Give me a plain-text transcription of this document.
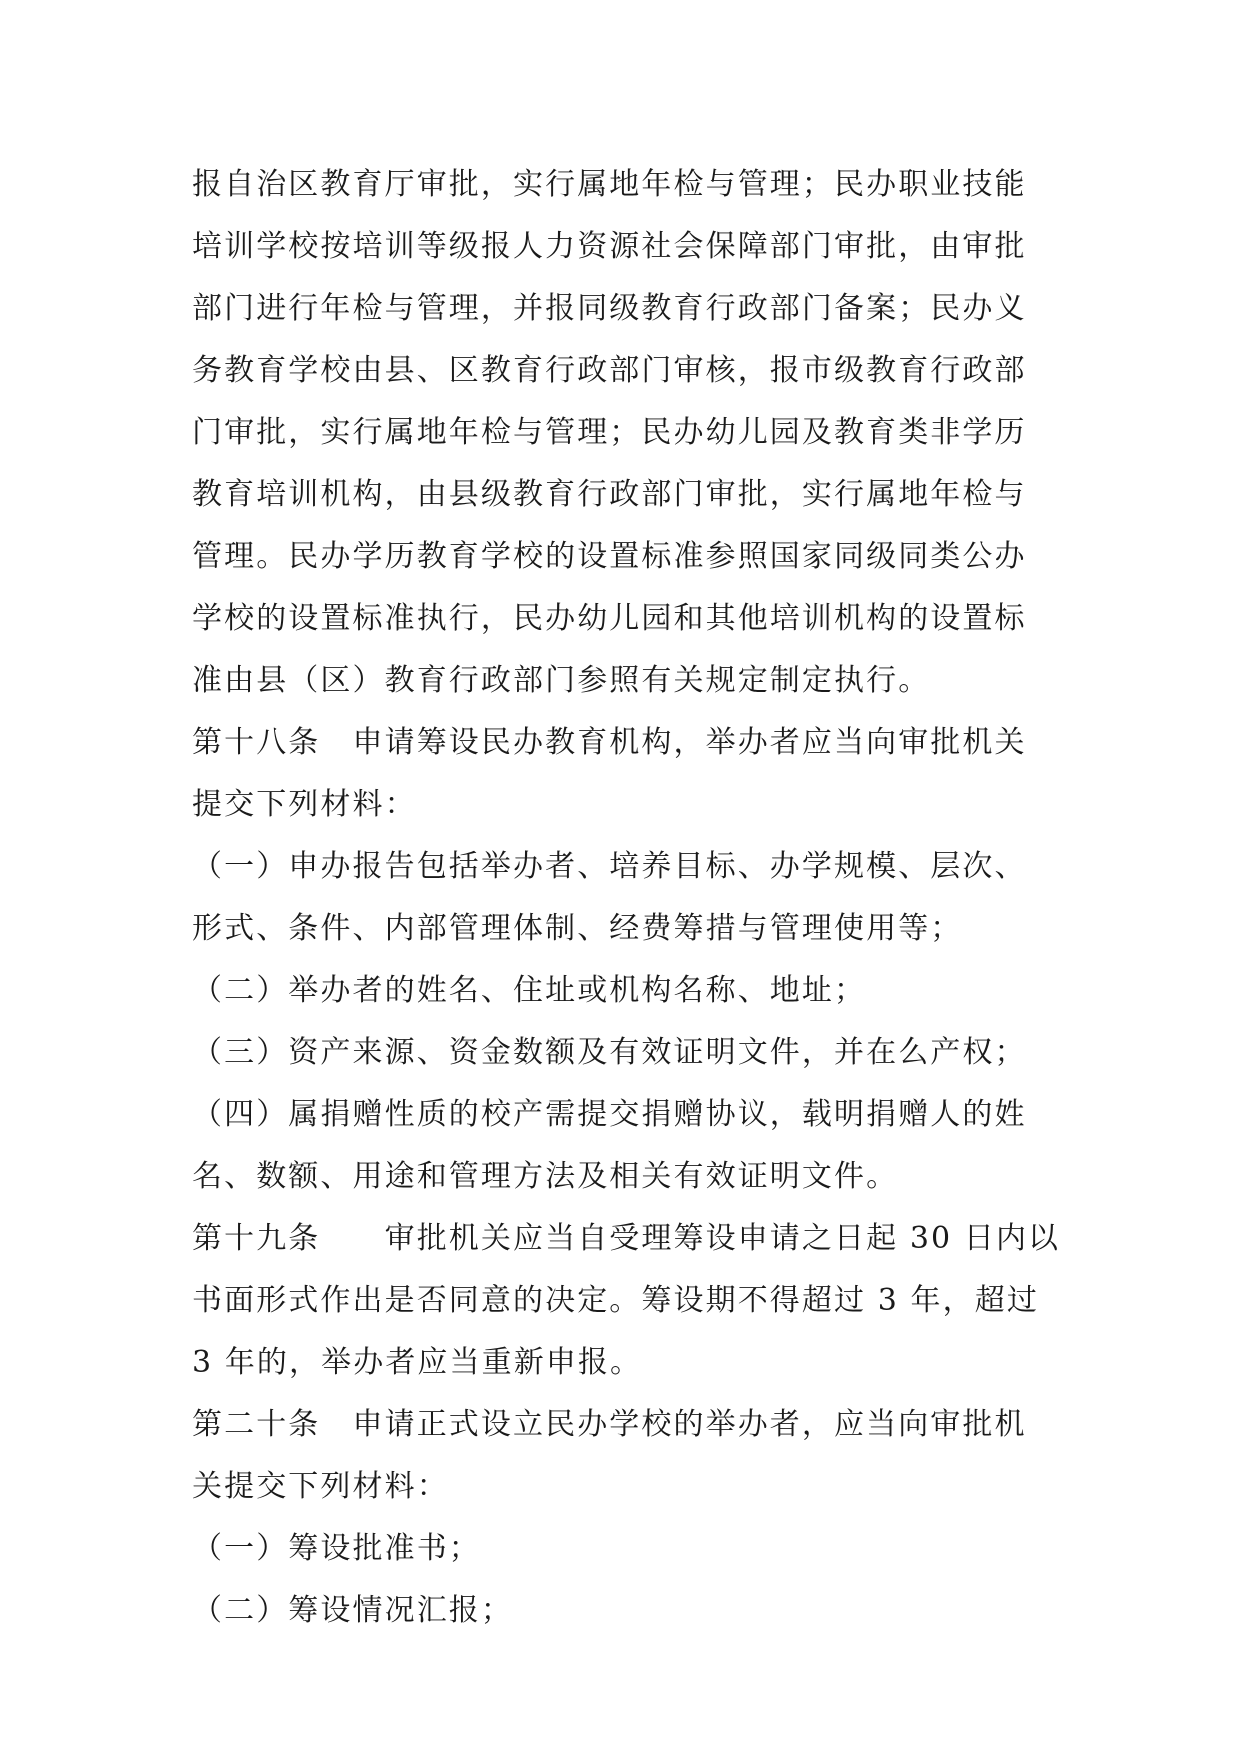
报自治区教育厅审批，实行属地年检与管理；民办职业技能
培训学校按培训等级报人力资源社会保障部门审批，由审批
部门进行年检与管理，并报同级教育行政部门备案；民办义
务教育学校由县、区教育行政部门审核，报市级教育行政部
门审批，实行属地年检与管理；民办幼儿园及教育类非学历
教育培训机构，由县级教育行政部门审批，实行属地年检与
管理。民办学历教育学校的设置标准参照国家同级同类公办
学校的设置标准执行，民办幼儿园和其他培训机构的设置标
准由县（区）教育行政部门参照有关规定制定执行。
第十八条　申请筹设民办教育机构，举办者应当向审批机关
提交下列材料：
（一）申办报告包括举办者、培养目标、办学规模、层次、
形式、条件、内部管理体制、经费筹措与管理使用等；
（二）举办者的姓名、住址或机构名称、地址；
（三）资产来源、资金数额及有效证明文件，并在么产权；
（四）属捐赠性质的校产需提交捐赠协议，载明捐赠人的姓
名、数额、用途和管理方法及相关有效证明文件。
第十九条　　审批机关应当自受理筹设申请之日起 30 日内以
书面形式作出是否同意的决定。筹设期不得超过 3 年，超过
3 年的，举办者应当重新申报。
第二十条　申请正式设立民办学校的举办者，应当向审批机
关提交下列材料：
（一）筹设批准书；
（二）筹设情况汇报；
